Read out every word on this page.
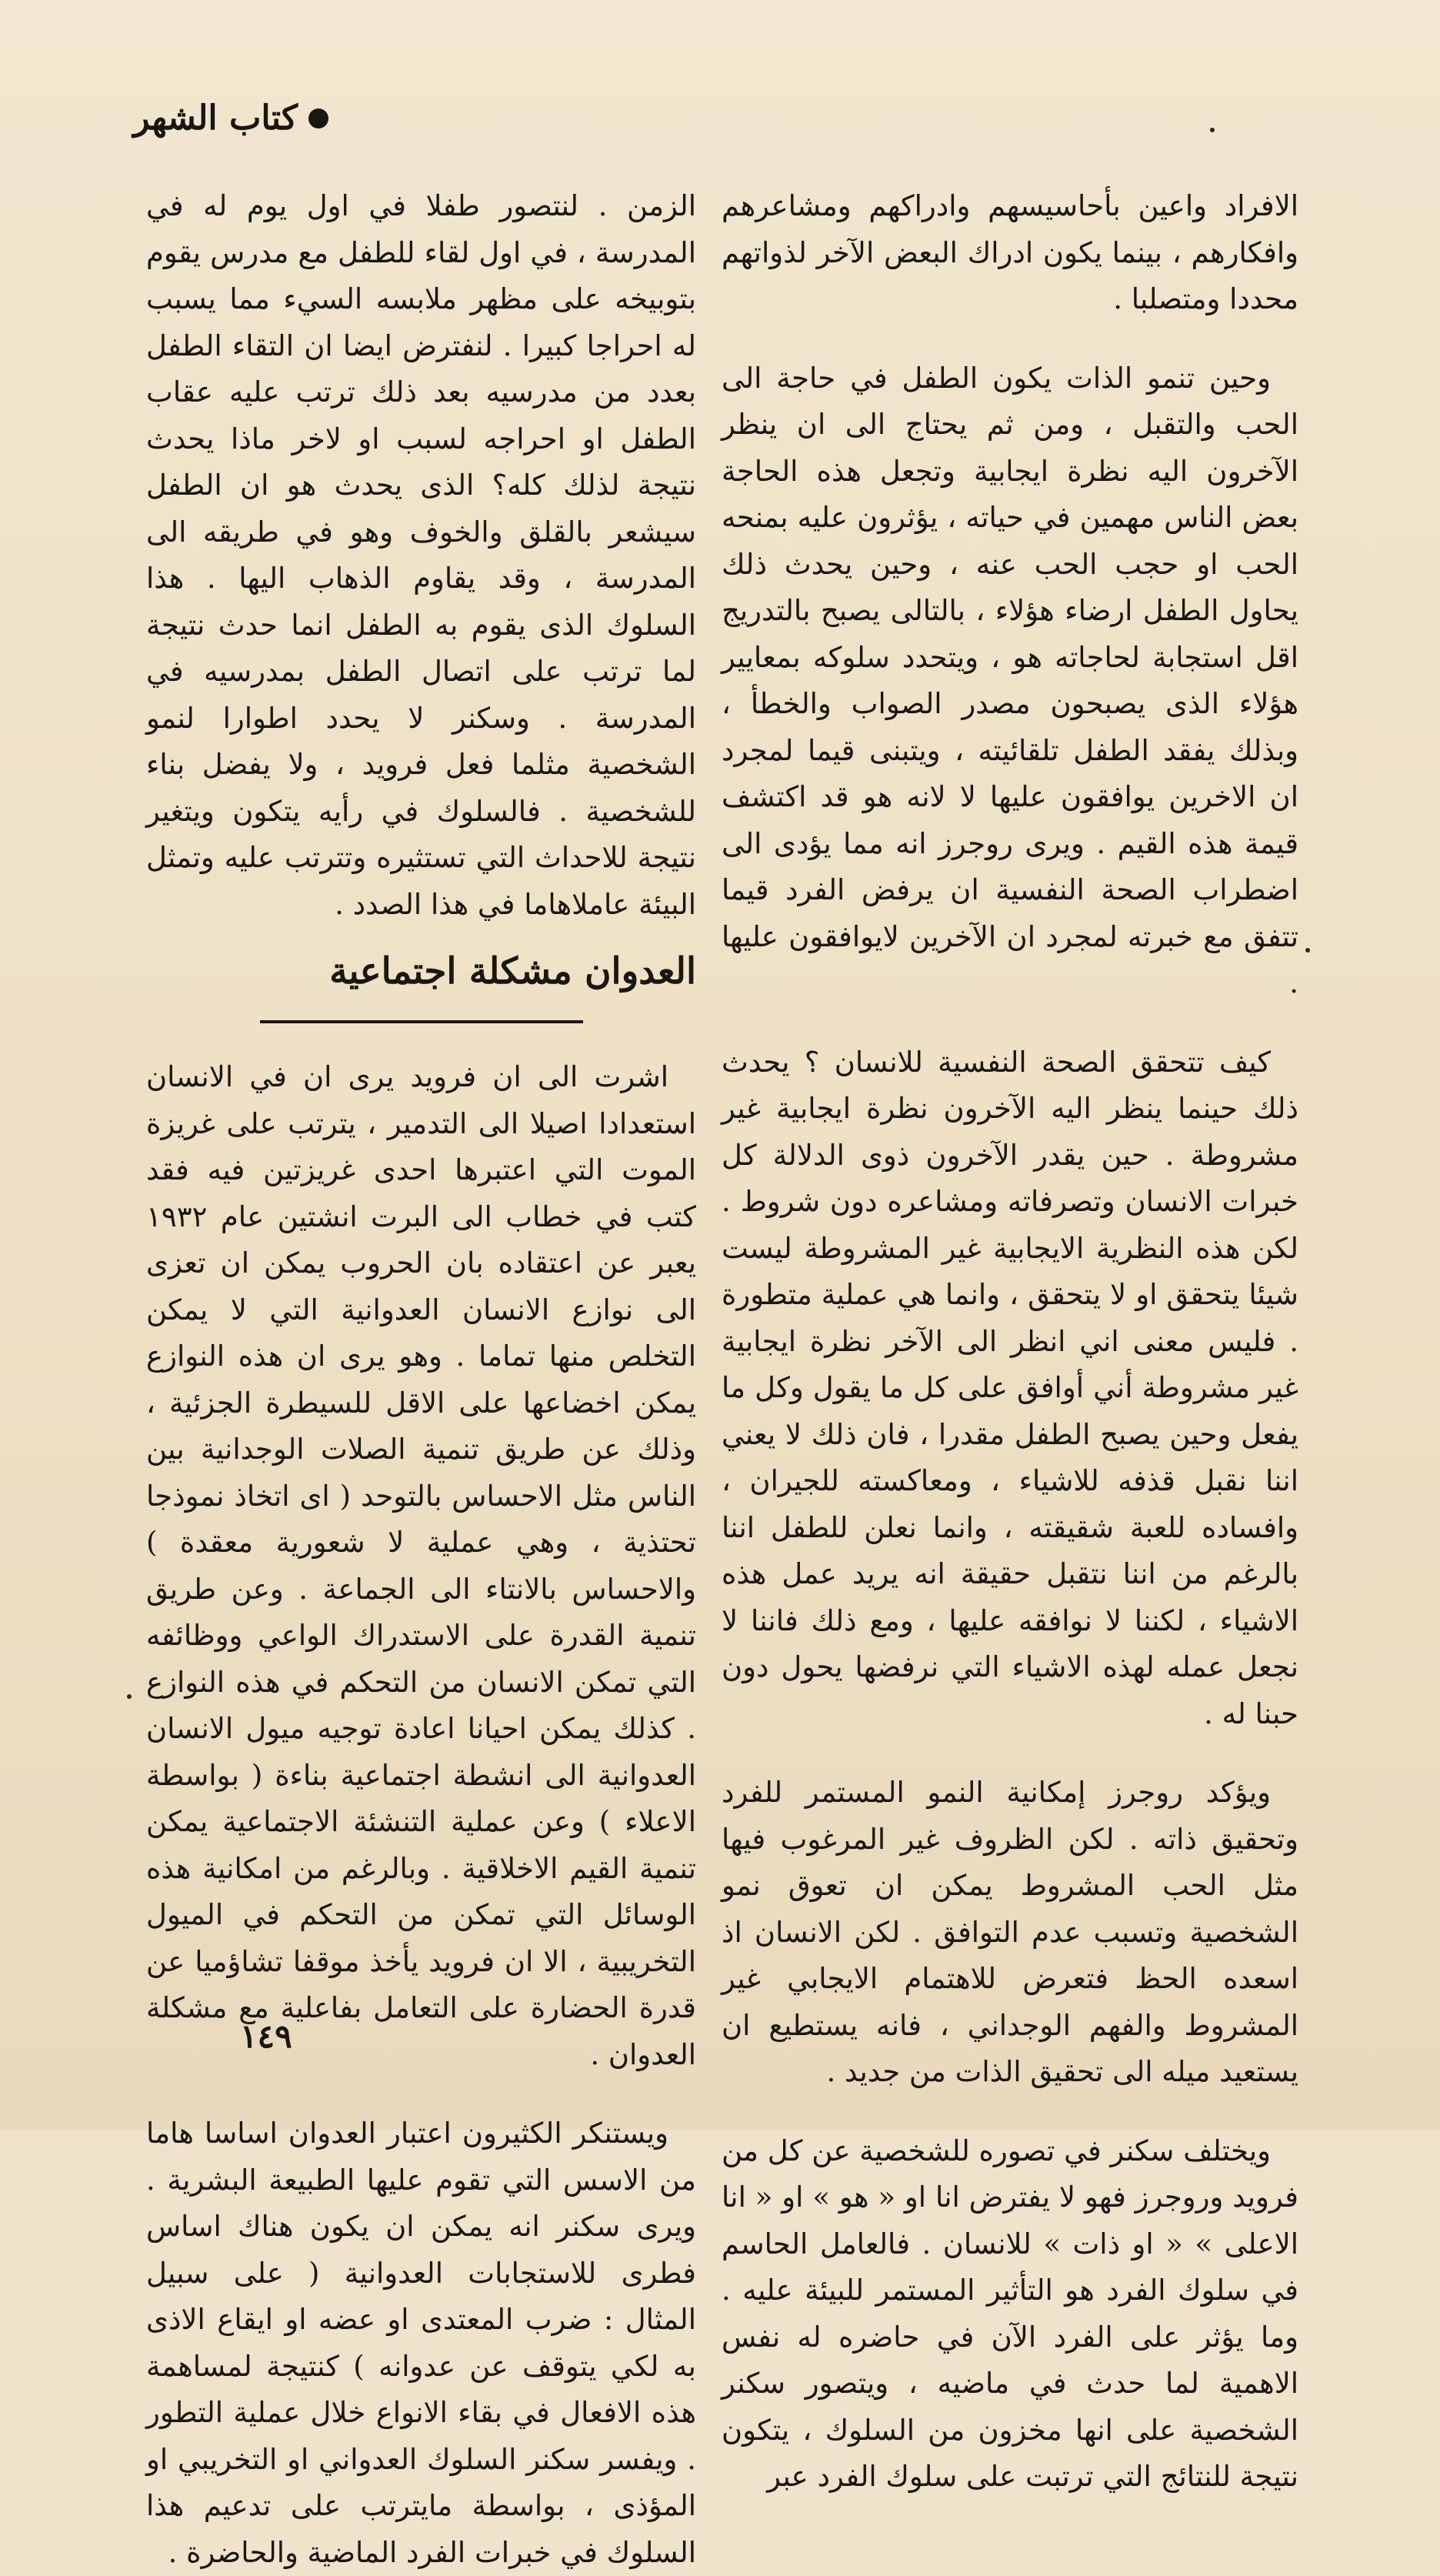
كتاب الشهر

الافراد واعين بأحاسيسهم وادراكهم ومشاعرهم وافكارهم ، بينما يكون ادراك البعض الآخر لذواتهم محددا ومتصلبا .

وحين تنمو الذات يكون الطفل في حاجة الى الحب والتقبل ، ومن ثم يحتاج الى ان ينظر الآخرون اليه نظرة ايجابية وتجعل هذه الحاجة بعض الناس مهمين في حياته ، يؤثرون عليه بمنحه الحب او حجب الحب عنه ، وحين يحدث ذلك يحاول الطفل ارضاء هؤلاء ، بالتالى يصبح بالتدريج اقل استجابة لحاجاته هو ، ويتحدد سلوكه بمعايير هؤلاء الذى يصبحون مصدر الصواب والخطأ ، وبذلك يفقد الطفل تلقائيته ، ويتبنى قيما لمجرد ان الاخرين يوافقون عليها لا لانه هو قد اكتشف قيمة هذه القيم . ويرى روجرز انه مما يؤدى الى اضطراب الصحة النفسية ان يرفض الفرد قيما تتفق مع خبرته لمجرد ان الآخرين لايوافقون عليها .

كيف تتحقق الصحة النفسية للانسان ؟ يحدث ذلك حينما ينظر اليه الآخرون نظرة ايجابية غير مشروطة . حين يقدر الآخرون ذوى الدلالة كل خبرات الانسان وتصرفاته ومشاعره دون شروط . لكن هذه النظرية الايجابية غير المشروطة ليست شيئا يتحقق او لا يتحقق ، وانما هي عملية متطورة . فليس معنى اني انظر الى الآخر نظرة ايجابية غير مشروطة أني أوافق على كل ما يقول وكل ما يفعل وحين يصبح الطفل مقدرا ، فان ذلك لا يعني اننا نقبل قذفه للاشياء ، ومعاكسته للجيران ، وافساده للعبة شقيقته ، وانما نعلن للطفل اننا بالرغم من اننا نتقبل حقيقة انه يريد عمل هذه الاشياء ، لكننا لا نوافقه عليها ، ومع ذلك فاننا لا نجعل عمله لهذه الاشياء التي نرفضها يحول دون حبنا له .

ويؤكد روجرز إمكانية النمو المستمر للفرد وتحقيق ذاته . لكن الظروف غير المرغوب فيها مثل الحب المشروط يمكن ان تعوق نمو الشخصية وتسبب عدم التوافق . لكن الانسان اذ اسعده الحظ فتعرض للاهتمام الايجابي غير المشروط والفهم الوجداني ، فانه يستطيع ان يستعيد ميله الى تحقيق الذات من جديد .

ويختلف سكنر في تصوره للشخصية عن كل من فرويد وروجرز فهو لا يفترض انا او « هو » او « انا الاعلى » « او ذات » للانسان . فالعامل الحاسم في سلوك الفرد هو التأثير المستمر للبيئة عليه . وما يؤثر على الفرد الآن في حاضره له نفس الاهمية لما حدث في ماضيه ، ويتصور سكنر الشخصية على انها مخزون من السلوك ، يتكون نتيجة للنتائج التي ترتبت على سلوك الفرد عبر

الزمن . لنتصور طفلا في اول يوم له في المدرسة ، في اول لقاء للطفل مع مدرس يقوم بتوبيخه على مظهر ملابسه السيء مما يسبب له احراجا كبيرا . لنفترض ايضا ان التقاء الطفل بعدد من مدرسيه بعد ذلك ترتب عليه عقاب الطفل او احراجه لسبب او لاخر ماذا يحدث نتيجة لذلك كله؟ الذى يحدث هو ان الطفل سيشعر بالقلق والخوف وهو في طريقه الى المدرسة ، وقد يقاوم الذهاب اليها . هذا السلوك الذى يقوم به الطفل انما حدث نتيجة لما ترتب على اتصال الطفل بمدرسيه في المدرسة . وسكنر لا يحدد اطوارا لنمو الشخصية مثلما فعل فرويد ، ولا يفضل بناء للشخصية . فالسلوك في رأيه يتكون ويتغير نتيجة للاحداث التي تستثيره وتترتب عليه وتمثل البيئة عاملاهاما في هذا الصدد .

العدوان مشكلة اجتماعية

اشرت الى ان فرويد يرى ان في الانسان استعدادا اصيلا الى التدمير ، يترتب على غريزة الموت التي اعتبرها احدى غريزتين فيه فقد كتب في خطاب الى البرت انشتين عام ١٩٣٢ يعبر عن اعتقاده بان الحروب يمكن ان تعزى الى نوازع الانسان العدوانية التي لا يمكن التخلص منها تماما . وهو يرى ان هذه النوازع يمكن اخضاعها على الاقل للسيطرة الجزئية ، وذلك عن طريق تنمية الصلات الوجدانية بين الناس مثل الاحساس بالتوحد ( اى اتخاذ نموذجا تحتذية ، وهي عملية لا شعورية معقدة ) والاحساس بالانتاء الى الجماعة . وعن طريق تنمية القدرة على الاستدراك الواعي ووظائفه التي تمكن الانسان من التحكم في هذه النوازع . كذلك يمكن احيانا اعادة توجيه ميول الانسان العدوانية الى انشطة اجتماعية بناءة ( بواسطة الاعلاء ) وعن عملية التنشئة الاجتماعية يمكن تنمية القيم الاخلاقية . وبالرغم من امكانية هذه الوسائل التي تمكن من التحكم في الميول التخريبية ، الا ان فرويد يأخذ موقفا تشاؤميا عن قدرة الحضارة على التعامل بفاعلية مع مشكلة العدوان .

ويستنكر الكثيرون اعتبار العدوان اساسا هاما من الاسس التي تقوم عليها الطبيعة البشرية . ويرى سكنر انه يمكن ان يكون هناك اساس فطرى للاستجابات العدوانية ( على سبيل المثال : ضرب المعتدى او عضه او ايقاع الاذى به لكي يتوقف عن عدوانه ) كنتيجة لمساهمة هذه الافعال في بقاء الانواع خلال عملية التطور . ويفسر سكنر السلوك العدواني او التخريبي او المؤذى ، بواسطة مايترتب على تدعيم هذا السلوك في خبرات الفرد الماضية والحاضرة .

١٤٩
